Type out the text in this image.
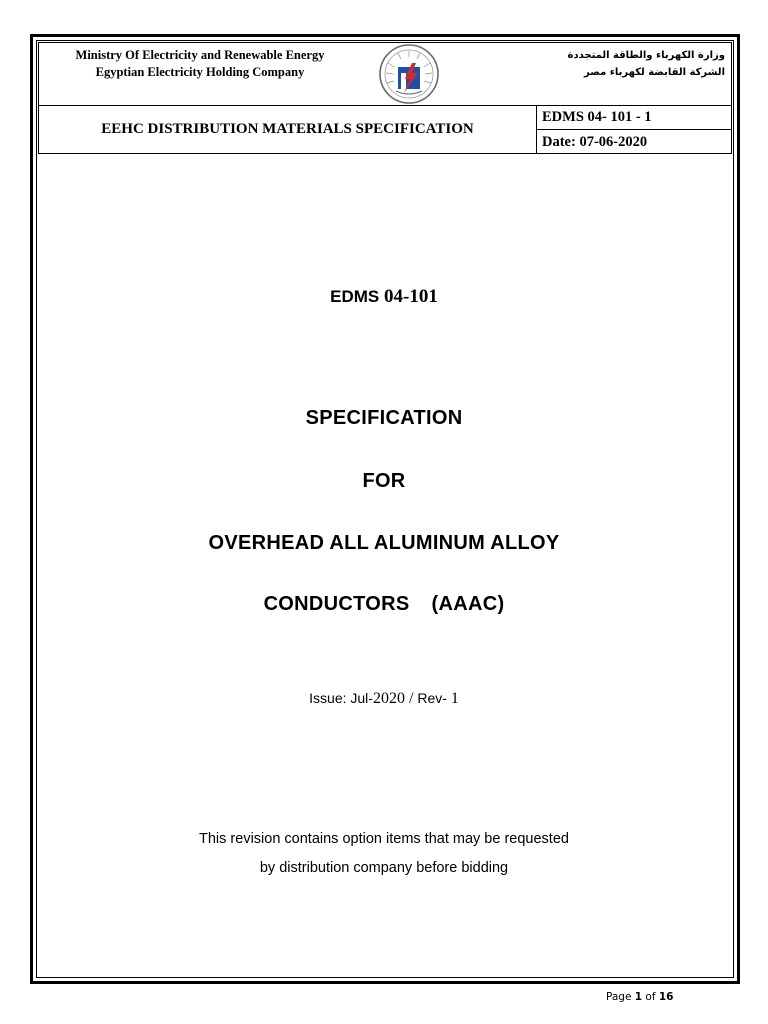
Ministry Of Electricity and Renewable Energy
Egyptian Electricity Holding Company
وزارة الكهرباء والطاقة المتجددة
الشركة القابضة لكهرباء مصر
EEHC DISTRIBUTION MATERIALS SPECIFICATION
EDMS 04- 101 - 1
Date: 07-06-2020
EDMS 04-101
SPECIFICATION
FOR
OVERHEAD ALL ALUMINUM ALLOY
CONDUCTORS (AAAC)
Issue: Jul-2020 / Rev- 1
This revision contains option items that may be requested
by distribution company before bidding
Page 1 of 16
